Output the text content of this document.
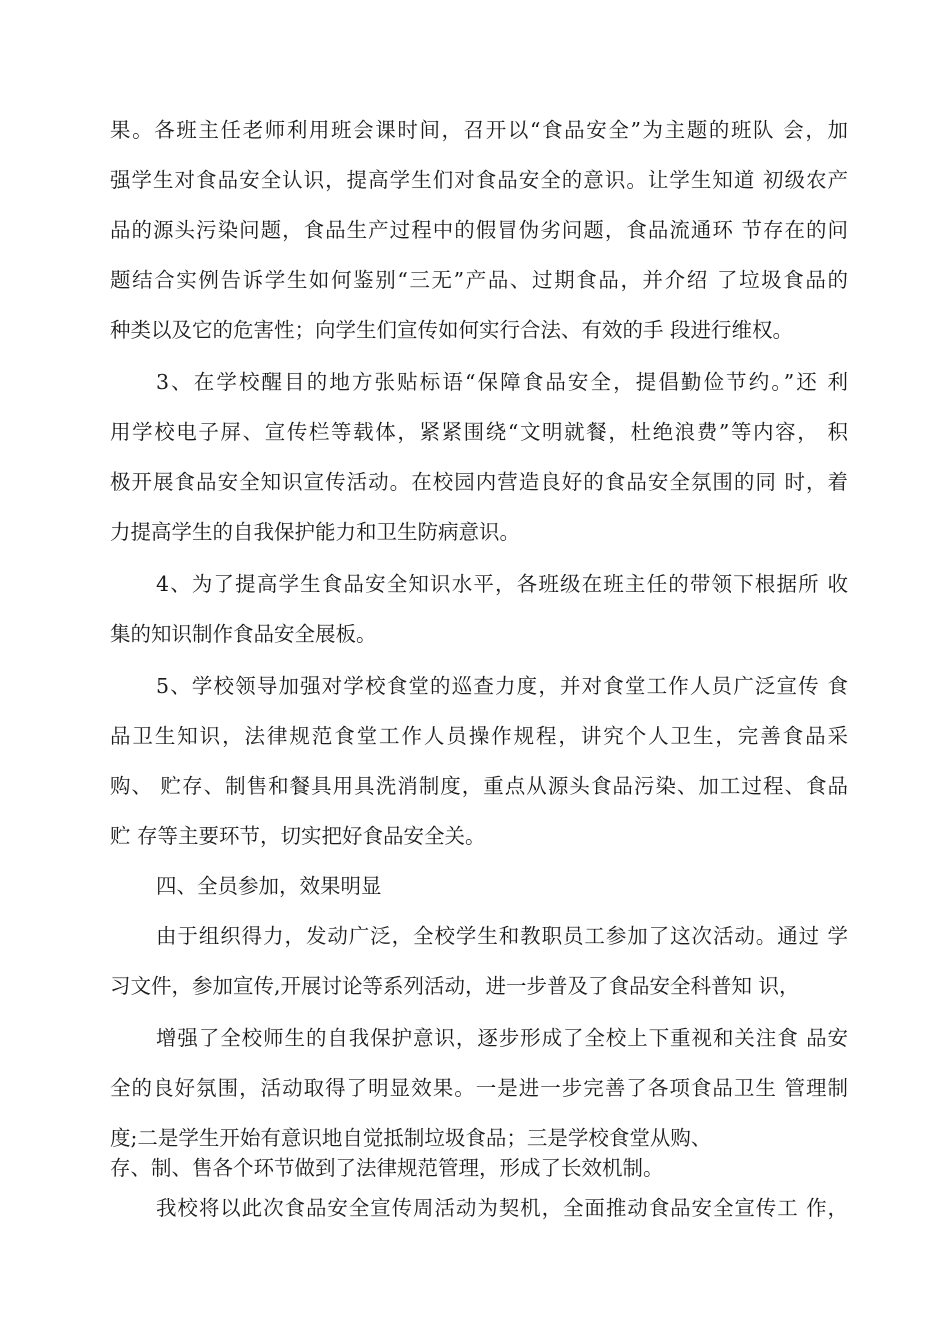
果。各班主任老师利用班会课时间，召开以“食品安全”为主题的班队 会，加
强学生对食品安全认识，提高学生们对食品安全的意识。让学生知道 初级农产
品的源头污染问题，食品生产过程中的假冒伪劣问题，食品流通环 节存在的问
题结合实例告诉学生如何鉴别“三无”产品、过期食品，并介绍 了垃圾食品的
种类以及它的危害性；向学生们宣传如何实行合法、有效的手 段进行维权。
3、在学校醒目的地方张贴标语“保障食品安全，提倡勤俭节约。”还 利
用学校电子屏、宣传栏等载体，紧紧围绕“文明就餐，杜绝浪费”等内容， 积
极开展食品安全知识宣传活动。在校园内营造良好的食品安全氛围的同 时，着
力提高学生的自我保护能力和卫生防病意识。
4、为了提高学生食品安全知识水平，各班级在班主任的带领下根据所 收
集的知识制作食品安全展板。
5、学校领导加强对学校食堂的巡查力度，并对食堂工作人员广泛宣传 食
品卫生知识，法律规范食堂工作人员操作规程，讲究个人卫生，完善食品采
购、 贮存、制售和餐具用具洗消制度，重点从源头食品污染、加工过程、食品
贮 存等主要环节，切实把好食品安全关。
四、全员参加，效果明显
由于组织得力，发动广泛，全校学生和教职员工参加了这次活动。通过 学
习文件，参加宣传,开展讨论等系列活动，进一步普及了食品安全科普知 识，
增强了全校师生的自我保护意识，逐步形成了全校上下重视和关注食 品安
全的良好氛围，活动取得了明显效果。一是进一步完善了各项食品卫生 管理制
度;二是学生开始有意识地自觉抵制垃圾食品；三是学校食堂从购、
存、制、售各个环节做到了法律规范管理，形成了长效机制。
我校将以此次食品安全宣传周活动为契机，全面推动食品安全宣传工 作，
